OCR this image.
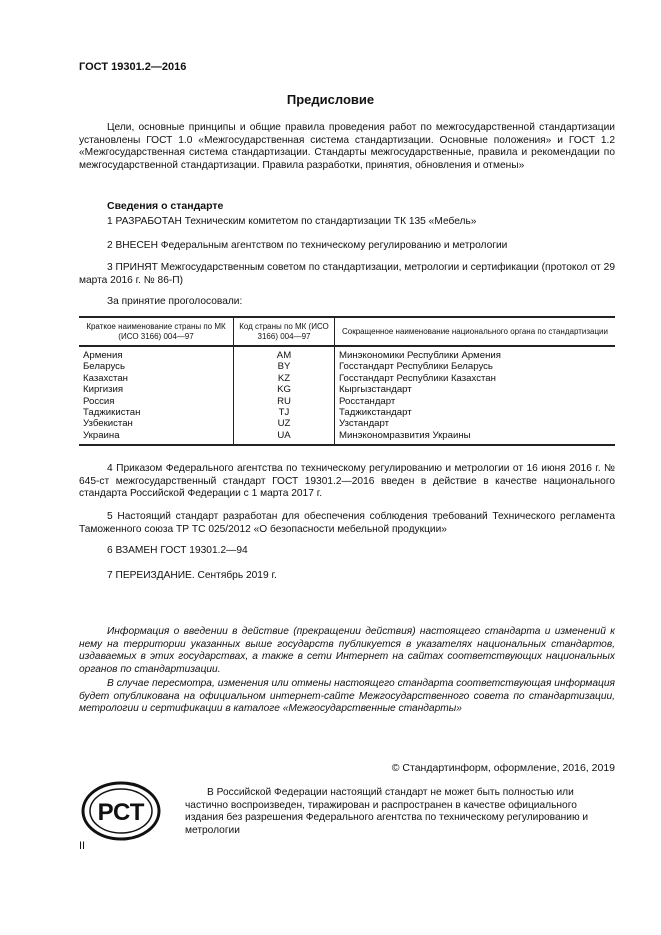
ГОСТ 19301.2—2016
Предисловие
Цели, основные принципы и общие правила проведения работ по межгосударственной стандартизации установлены ГОСТ 1.0 «Межгосударственная система стандартизации. Основные положения» и ГОСТ 1.2 «Межгосударственная система стандартизации. Стандарты межгосударственные, правила и рекомендации по межгосударственной стандартизации. Правила разработки, принятия, обновления и отмены»
Сведения о стандарте
1 РАЗРАБОТАН Техническим комитетом по стандартизации ТК 135 «Мебель»
2 ВНЕСЕН Федеральным агентством по техническому регулированию и метрологии
3 ПРИНЯТ Межгосударственным советом по стандартизации, метрологии и сертификации (протокол от 29 марта 2016 г. № 86-П)
За принятие проголосовали:
Краткое наименование страны по МК (ИСО 3166) 004—97	Код страны по МК (ИСО 3166) 004—97	Сокращенное наименование национального органа по стандартизации
Армения	AM	Минэкономики Республики Армения
Беларусь	BY	Госстандарт Республики Беларусь
Казахстан	KZ	Госстандарт Республики Казахстан
Киргизия	KG	Кыргызстандарт
Россия	RU	Росстандарт
Таджикистан	TJ	Таджикстандарт
Узбекистан	UZ	Узстандарт
Украина	UA	Минэкономразвития Украины
4 Приказом Федерального агентства по техническому регулированию и метрологии от 16 июня 2016 г. № 645-ст межгосударственный стандарт ГОСТ 19301.2—2016 введен в действие в качестве национального стандарта Российской Федерации с 1 марта 2017 г.
5 Настоящий стандарт разработан для обеспечения соблюдения требований Технического регламента Таможенного союза ТР ТС 025/2012 «О безопасности мебельной продукции»
6 ВЗАМЕН ГОСТ 19301.2—94
7 ПЕРЕИЗДАНИЕ. Сентябрь 2019 г.
Информация о введении в действие (прекращении действия) настоящего стандарта и изменений к нему на территории указанных выше государств публикуется в указателях национальных стандартов, издаваемых в этих государствах, а также в сети Интернет на сайтах соответствующих национальных органов по стандартизации.
В случае пересмотра, изменения или отмены настоящего стандарта соответствующая информация будет опубликована на официальном интернет-сайте Межгосударственного совета по стандартизации, метрологии и сертификации в каталоге «Межгосударственные стандарты»
© Стандартинформ, оформление, 2016, 2019
РСТ
В Российской Федерации настоящий стандарт не может быть полностью или частично воспроизведен, тиражирован и распространен в качестве официального издания без разрешения Федерального агентства по техническому регулированию и метрологии
II
